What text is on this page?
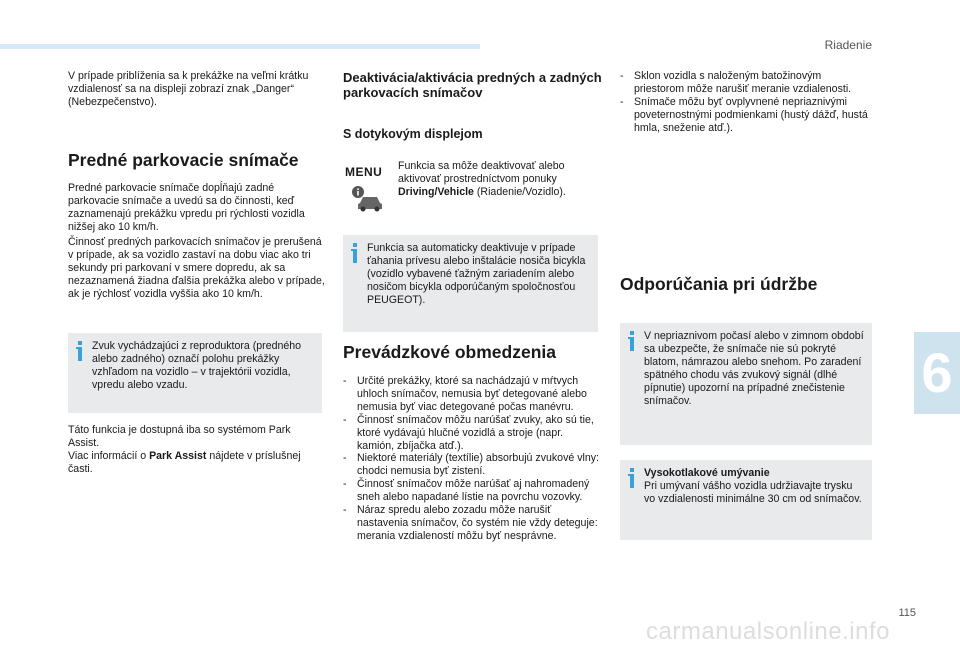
Riadenie

V prípade priblíženia sa k prekážke na veľmi krátku vzdialenosť sa na displeji zobrazí znak „Danger“ (Nebezpečenstvo).

Predné parkovacie snímače

Predné parkovacie snímače dopĺňajú zadné parkovacie snímače a uvedú sa do činnosti, keď zaznamenajú prekážku vpredu pri rýchlosti vozidla nižšej ako 10 km/h.

Činnosť predných parkovacích snímačov je prerušená v prípade, ak sa vozidlo zastaví na dobu viac ako tri sekundy pri parkovaní v smere dopredu, ak sa nezaznamená žiadna ďalšia prekážka alebo v prípade, ak je rýchlosť vozidla vyššia ako 10 km/h.

Zvuk vychádzajúci z reproduktora (predného alebo zadného) označí polohu prekážky vzhľadom na vozidlo – v trajektórii vozidla, vpredu alebo vzadu.

Táto funkcia je dostupná iba so systémom Park Assist.

Viac informácií o Park Assist nájdete v príslušnej časti.

Deaktivácia/aktivácia predných a zadných parkovacích snímačov
S dotykovým displejom
MENU Funkcia sa môže deaktivovať alebo aktivovať prostredníctvom ponuky Driving/Vehicle (Riadenie/Vozidlo).

Funkcia sa automaticky deaktivuje v prípade ťahania prívesu alebo inštalácie nosiča bicykla (vozidlo vybavené ťažným zariadením alebo nosičom bicykla odporúčaným spoločnosťou PEUGEOT).

Prevádzkové obmedzenia
- Určité prekážky, ktoré sa nachádzajú v mŕtvych uhloch snímačov, nemusia byť detegované alebo nemusia byť viac detegované počas manévru.
- Činnosť snímačov môžu narúšať zvuky, ako sú tie, ktoré vydávajú hlučné vozidlá a stroje (napr. kamión, zbíjačka atď.).
- Niektoré materiály (textílie) absorbujú zvukové vlny: chodci nemusia byť zistení.
- Činnosť snímačov môže narúšať aj nahromadený sneh alebo napadané lístie na povrchu vozovky.
- Náraz spredu alebo zozadu môže narušiť nastavenia snímačov, čo systém nie vždy deteguje: merania vzdialeností môžu byť nesprávne.
- Sklon vozidla s naloženým batožinovým priestorom môže narušiť meranie vzdialenosti.
- Snímače môžu byť ovplyvnené nepriaznivými poveternostnými podmienkami (hustý dážď, hustá hmla, sneženie atď.).
Odporúčania pri údržbe

V nepriaznivom počasí alebo v zimnom období sa ubezpečte, že snímače nie sú pokryté blatom, námrazou alebo snehom. Po zaradení spätného chodu vás zvukový signál (dlhé pípnutie) upozorní na prípadné znečistenie snímačov.

Vysokotlakové umývanie

Pri umývaní vášho vozidla udržiavajte trysku vo vzdialenosti minimálne 30 cm od snímačov.

6
115
carmanualsonline.info
